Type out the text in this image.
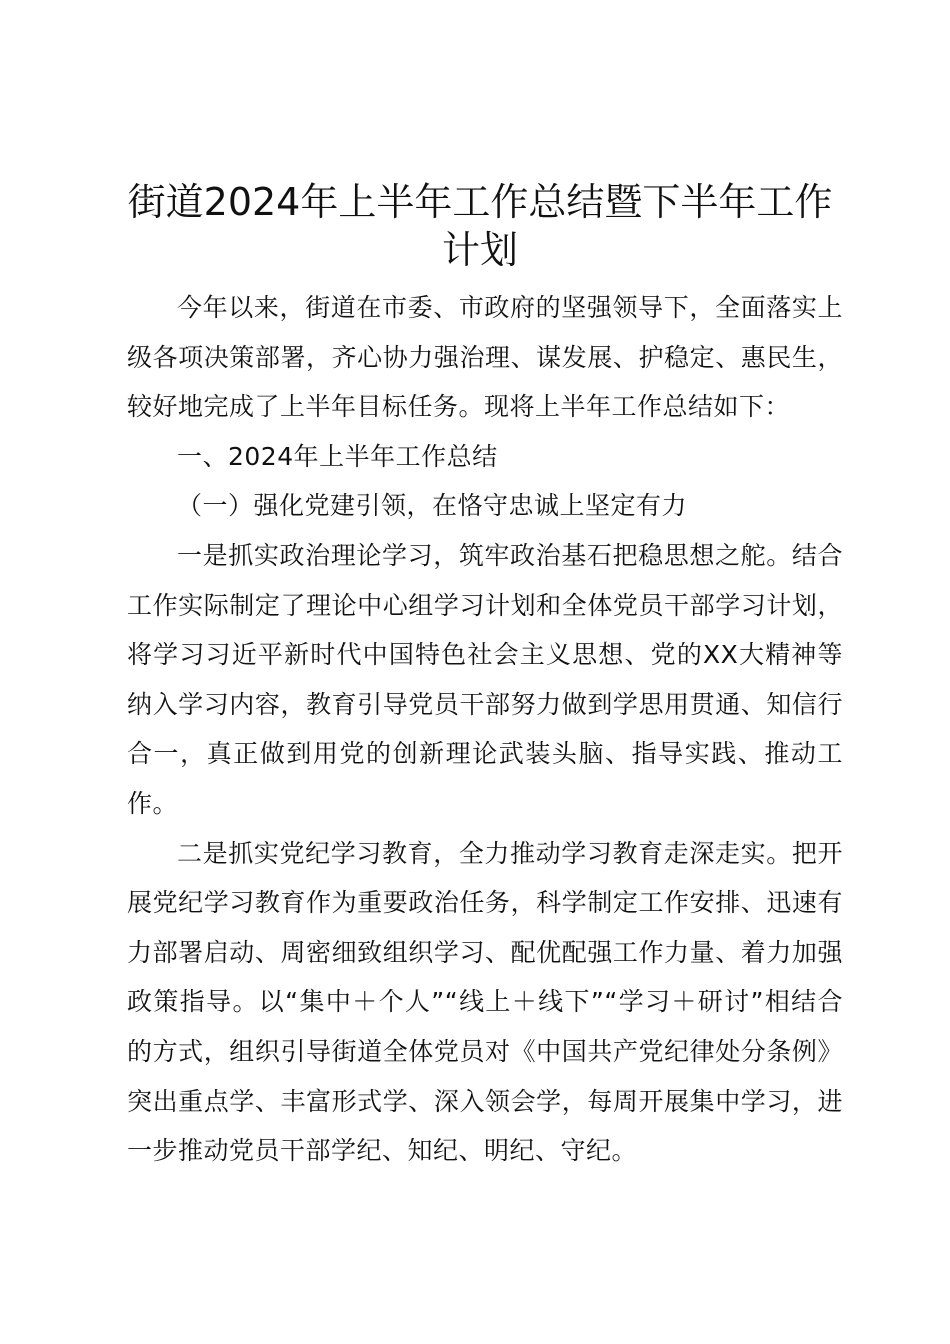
街道2024年上半年工作总结暨下半年工作计划

今年以来，街道在市委、市政府的坚强领导下，全面落实上级各项决策部署，齐心协力强治理、谋发展、护稳定、惠民生，较好地完成了上半年目标任务。现将上半年工作总结如下：

一、2024年上半年工作总结

（一）强化党建引领，在恪守忠诚上坚定有力

一是抓实政治理论学习，筑牢政治基石把稳思想之舵。结合工作实际制定了理论中心组学习计划和全体党员干部学习计划，将学习习近平新时代中国特色社会主义思想、党的XX大精神等纳入学习内容，教育引导党员干部努力做到学思用贯通、知信行合一，真正做到用党的创新理论武装头脑、指导实践、推动工作。

二是抓实党纪学习教育，全力推动学习教育走深走实。把开展党纪学习教育作为重要政治任务，科学制定工作安排、迅速有力部署启动、周密细致组织学习、配优配强工作力量、着力加强政策指导。以“集中＋个人”“线上＋线下”“学习＋研讨”相结合的方式，组织引导街道全体党员对《中国共产党纪律处分条例》突出重点学、丰富形式学、深入领会学，每周开展集中学习，进一步推动党员干部学纪、知纪、明纪、守纪。
